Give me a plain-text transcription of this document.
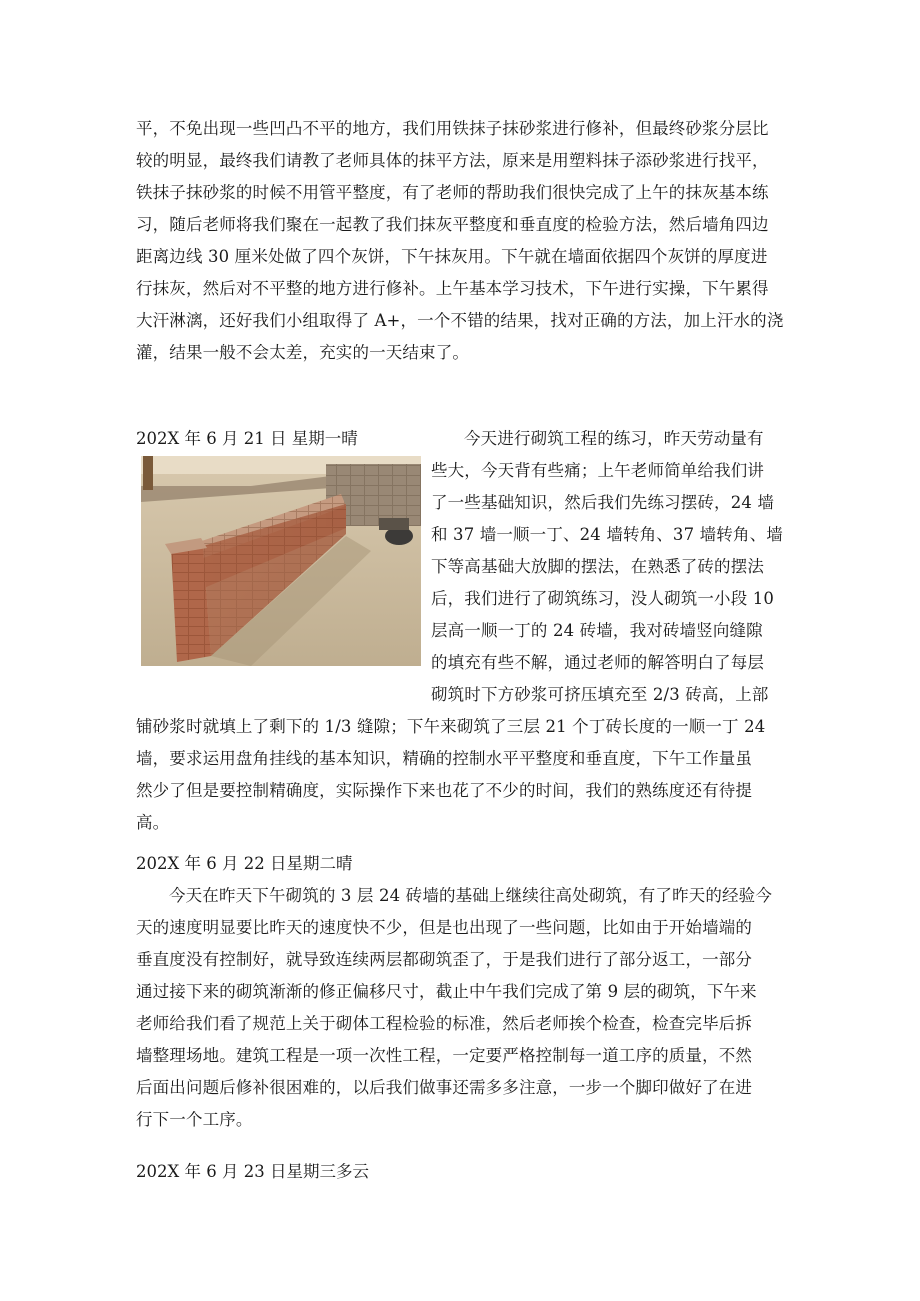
平，不免出现一些凹凸不平的地方，我们用铁抹子抹砂浆进行修补，但最终砂浆分层比
较的明显，最终我们请教了老师具体的抹平方法，原来是用塑料抹子添砂浆进行找平，
铁抹子抹砂浆的时候不用管平整度，有了老师的帮助我们很快完成了上午的抹灰基本练
习，随后老师将我们聚在一起教了我们抹灰平整度和垂直度的检验方法，然后墙角四边
距离边线 30 厘米处做了四个灰饼，下午抹灰用。下午就在墙面依据四个灰饼的厚度进
行抹灰，然后对不平整的地方进行修补。上午基本学习技术，下午进行实操，下午累得
大汗淋漓，还好我们小组取得了 A+，一个不错的结果，找对正确的方法，加上汗水的浇
灌，结果一般不会太差，充实的一天结束了。
202X 年 6 月 21 日 星期一晴	今天进行砌筑工程的练习，昨天劳动量有
些大，今天背有些痛；上午老师简单给我们讲
了一些基础知识，然后我们先练习摆砖，24 墙
和 37 墙一顺一丁、24 墙转角、37 墙转角、墙
下等高基础大放脚的摆法，在熟悉了砖的摆法
后，我们进行了砌筑练习，没人砌筑一小段 10
层高一顺一丁的 24 砖墙，我对砖墙竖向缝隙
的填充有些不解，通过老师的解答明白了每层
砌筑时下方砂浆可挤压填充至 2/3 砖高，上部
铺砂浆时就填上了剩下的 1/3 缝隙；下午来砌筑了三层 21 个丁砖长度的一顺一丁 24
墙，要求运用盘角挂线的基本知识，精确的控制水平平整度和垂直度，下午工作量虽
然少了但是要控制精确度，实际操作下来也花了不少的时间，我们的熟练度还有待提
高。
202X 年 6 月 22 日星期二晴
今天在昨天下午砌筑的 3 层 24 砖墙的基础上继续往高处砌筑，有了昨天的经验今
天的速度明显要比昨天的速度快不少，但是也出现了一些问题，比如由于开始墙端的
垂直度没有控制好，就导致连续两层都砌筑歪了，于是我们进行了部分返工，一部分
通过接下来的砌筑渐渐的修正偏移尺寸，截止中午我们完成了第 9 层的砌筑，下午来
老师给我们看了规范上关于砌体工程检验的标准，然后老师挨个检查，检查完毕后拆
墙整理场地。建筑工程是一项一次性工程，一定要严格控制每一道工序的质量，不然
后面出问题后修补很困难的，以后我们做事还需多多注意，一步一个脚印做好了在进
行下一个工序。
202X 年 6 月 23 日星期三多云
